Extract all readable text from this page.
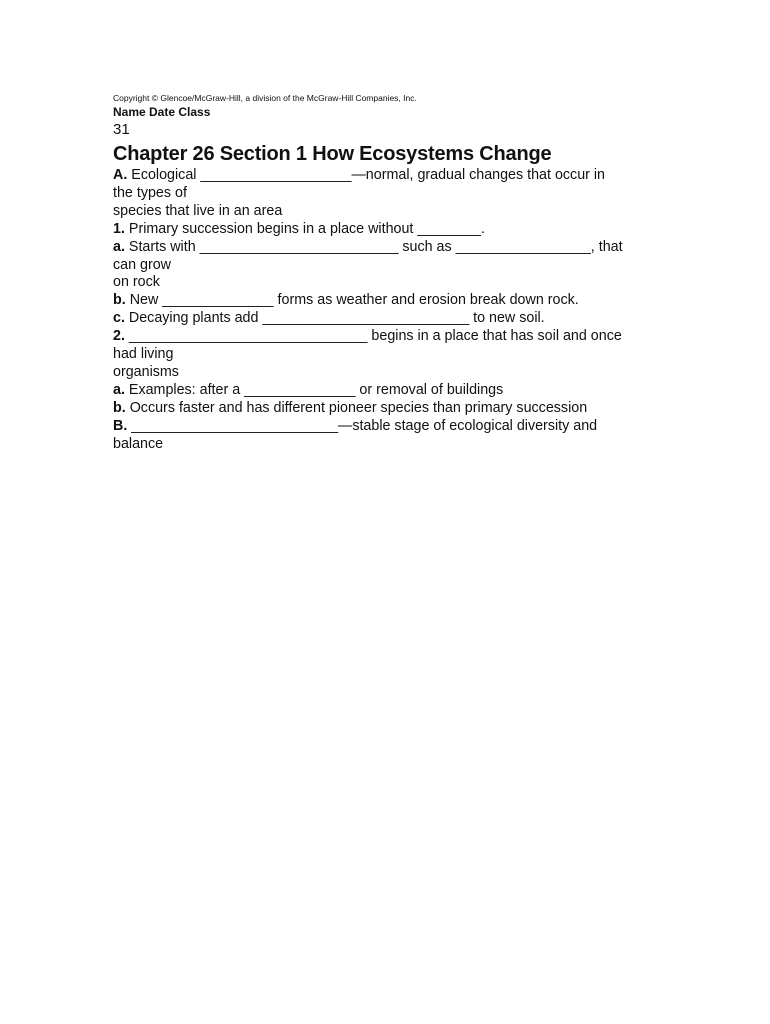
Copyright © Glencoe/McGraw-Hill, a division of the McGraw-Hill Companies, Inc.

Name Date Class

31

Chapter 26 Section 1 How Ecosystems Change

A. Ecological ___________________—normal, gradual changes that occur in

the types of

species that live in an area

1. Primary succession begins in a place without ________.

a. Starts with _________________________ such as _________________, that

can grow

on rock

b. New ______________ forms as weather and erosion break down rock.

c. Decaying plants add __________________________ to new soil.

2. ______________________________ begins in a place that has soil and once

had living

organisms

a. Examples: after a ______________ or removal of buildings

b. Occurs faster and has different pioneer species than primary succession

B. __________________________—stable stage of ecological diversity and

balance
